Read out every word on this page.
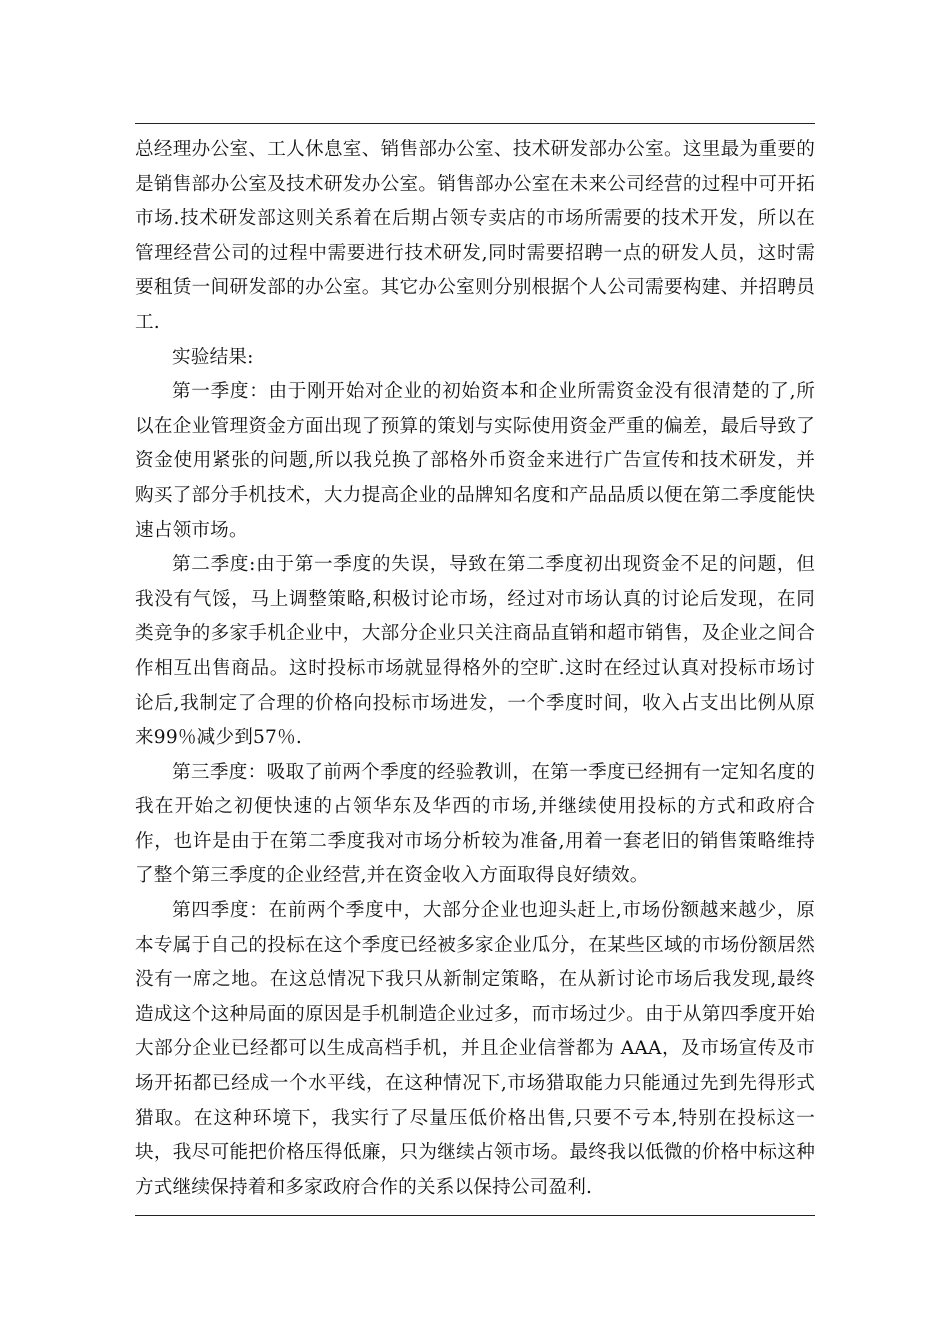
总经理办公室、工人休息室、销售部办公室、技术研发部办公室。这里最为重要的是销售部办公室及技术研发办公室。销售部办公室在未来公司经营的过程中可开拓市场.技术研发部这则关系着在后期占领专卖店的市场所需要的技术开发，所以在管理经营公司的过程中需要进行技术研发,同时需要招聘一点的研发人员，这时需要租赁一间研发部的办公室。其它办公室则分别根据个人公司需要构建、并招聘员工.

实验结果:

第一季度：由于刚开始对企业的初始资本和企业所需资金没有很清楚的了,所以在企业管理资金方面出现了预算的策划与实际使用资金严重的偏差，最后导致了资金使用紧张的问题,所以我兑换了部格外币资金来进行广告宣传和技术研发，并购买了部分手机技术，大力提高企业的品牌知名度和产品品质以便在第二季度能快速占领市场。

第二季度:由于第一季度的失误，导致在第二季度初出现资金不足的问题，但我没有气馁，马上调整策略,积极讨论市场，经过对市场认真的讨论后发现，在同类竞争的多家手机企业中，大部分企业只关注商品直销和超市销售，及企业之间合作相互出售商品。这时投标市场就显得格外的空旷.这时在经过认真对投标市场讨论后,我制定了合理的价格向投标市场进发，一个季度时间，收入占支出比例从原来99％减少到57％.

第三季度：吸取了前两个季度的经验教训，在第一季度已经拥有一定知名度的我在开始之初便快速的占领华东及华西的市场,并继续使用投标的方式和政府合作，也许是由于在第二季度我对市场分析较为准备,用着一套老旧的销售策略维持了整个第三季度的企业经营,并在资金收入方面取得良好绩效。

第四季度：在前两个季度中，大部分企业也迎头赶上,市场份额越来越少，原本专属于自己的投标在这个季度已经被多家企业瓜分，在某些区域的市场份额居然没有一席之地。在这总情况下我只从新制定策略，在从新讨论市场后我发现,最终造成这个这种局面的原因是手机制造企业过多，而市场过少。由于从第四季度开始大部分企业已经都可以生成高档手机，并且企业信誉都为 AAA，及市场宣传及市场开拓都已经成一个水平线，在这种情况下,市场猎取能力只能通过先到先得形式猎取。在这种环境下，我实行了尽量压低价格出售,只要不亏本,特别在投标这一块，我尽可能把价格压得低廉，只为继续占领市场。最终我以低微的价格中标这种方式继续保持着和多家政府合作的关系以保持公司盈利.
